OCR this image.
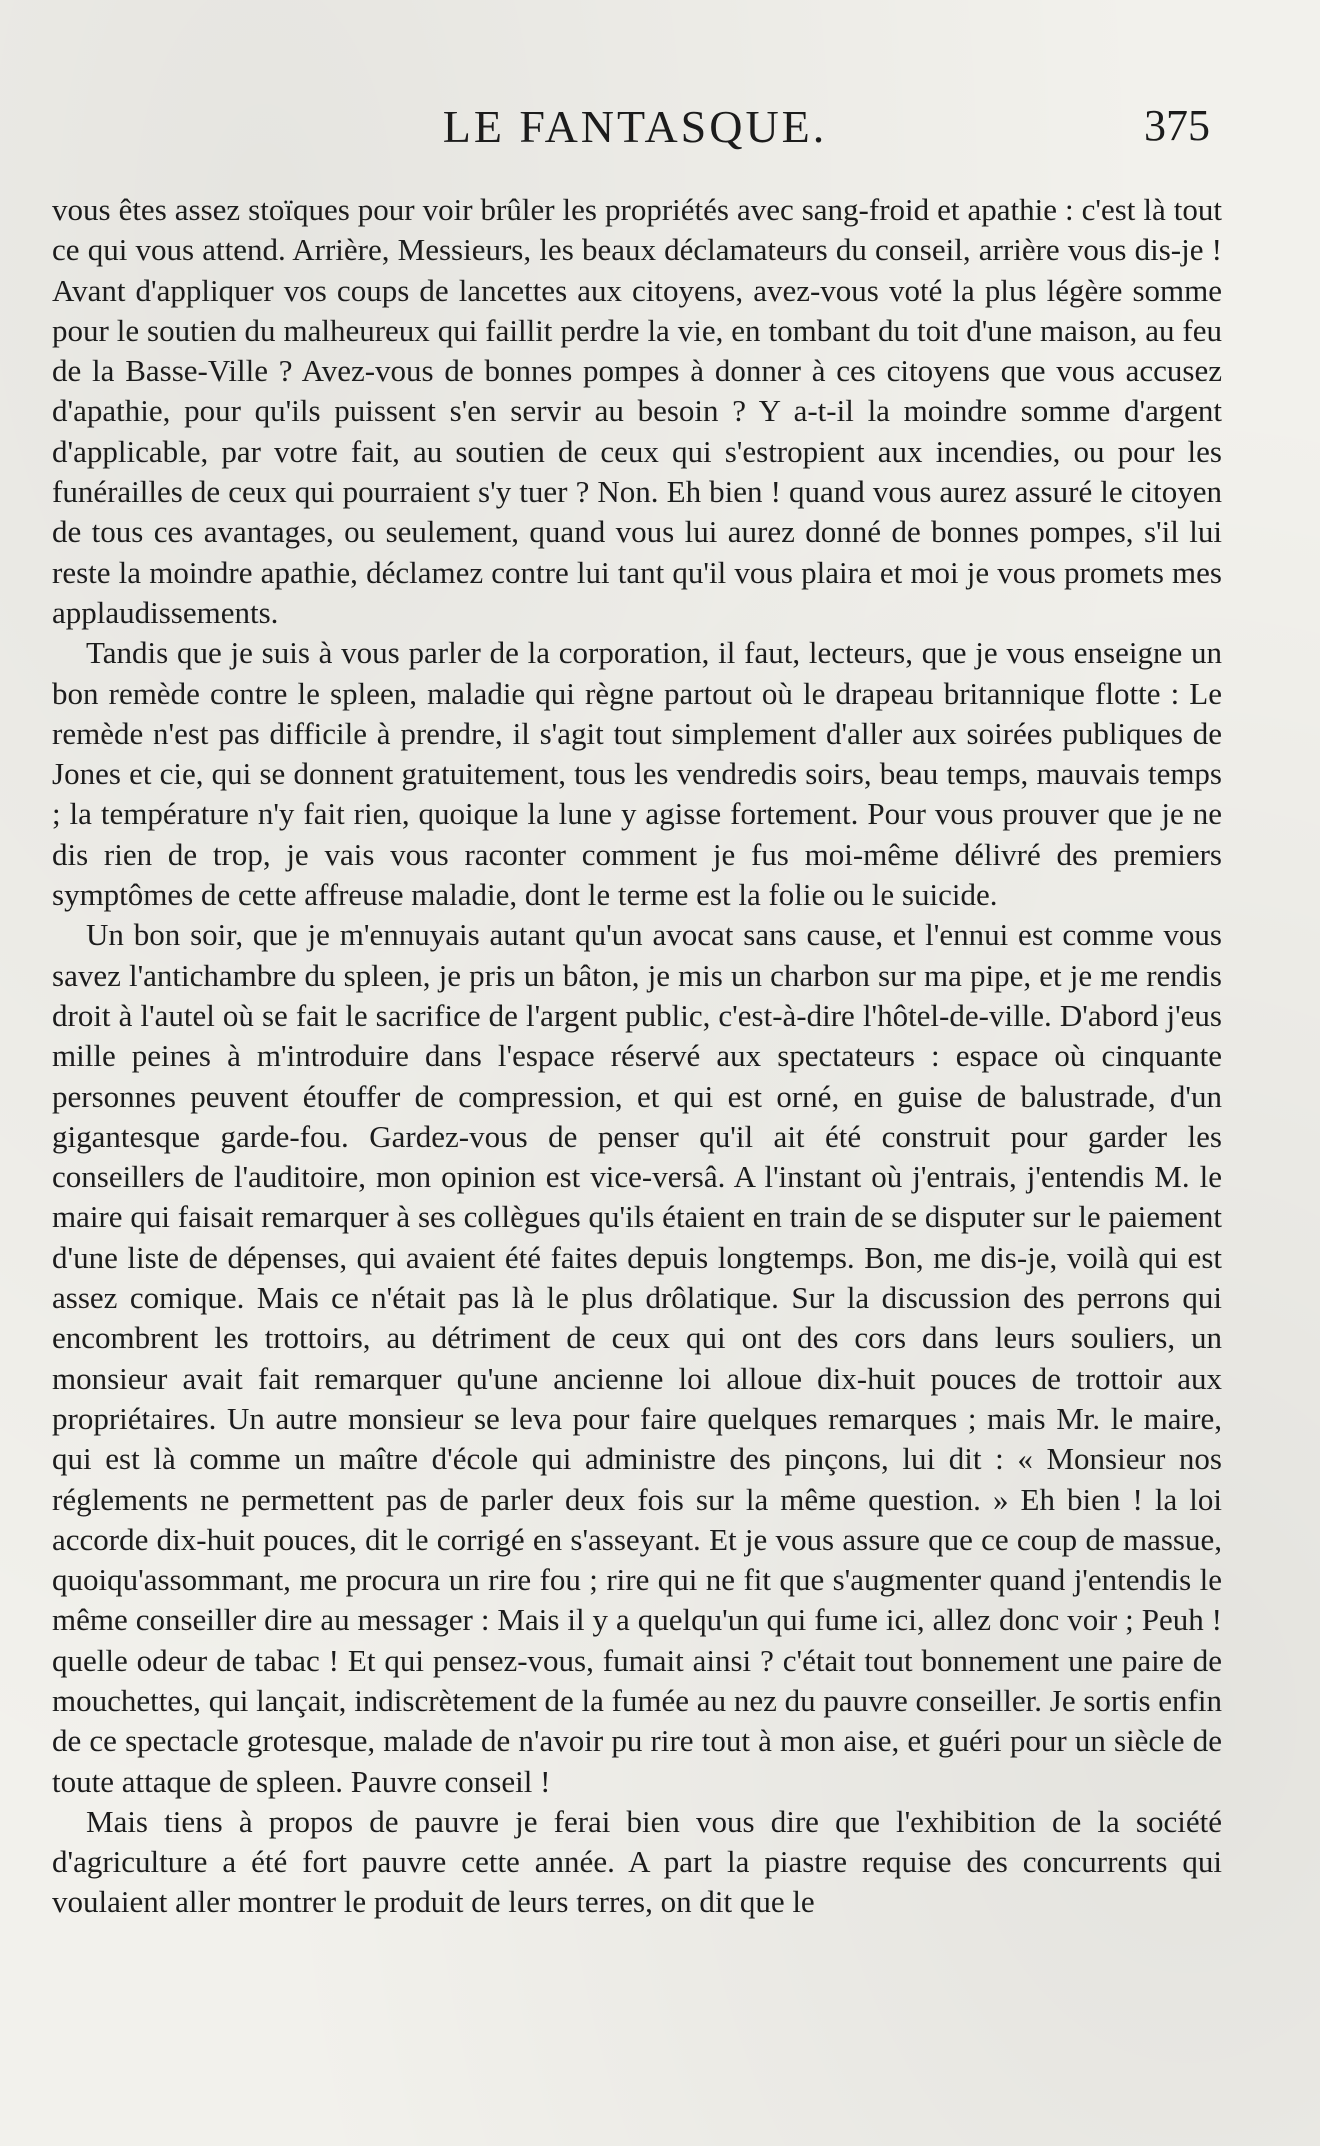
LE FANTASQUE.	375

vous êtes assez stoïques pour voir brûler les propriétés avec sang-froid et apathie : c'est là tout ce qui vous attend. Arrière, Messieurs, les beaux déclamateurs du conseil, arrière vous dis-je ! Avant d'appliquer vos coups de lancettes aux citoyens, avez-vous voté la plus légère somme pour le soutien du malheureux qui faillit perdre la vie, en tombant du toit d'une maison, au feu de la Basse-Ville ? Avez-vous de bonnes pompes à donner à ces citoyens que vous accusez d'apathie, pour qu'ils puissent s'en servir au besoin ? Y a-t-il la moindre somme d'argent d'applicable, par votre fait, au soutien de ceux qui s'estropient aux incendies, ou pour les funérailles de ceux qui pourraient s'y tuer ? Non. Eh bien ! quand vous aurez assuré le citoyen de tous ces avantages, ou seulement, quand vous lui aurez donné de bonnes pompes, s'il lui reste la moindre apathie, déclamez contre lui tant qu'il vous plaira et moi je vous promets mes applaudissements.

Tandis que je suis à vous parler de la corporation, il faut, lecteurs, que je vous enseigne un bon remède contre le spleen, maladie qui règne partout où le drapeau britannique flotte : Le remède n'est pas difficile à prendre, il s'agit tout simplement d'aller aux soirées publiques de Jones et cie, qui se donnent gratuitement, tous les vendredis soirs, beau temps, mauvais temps ; la température n'y fait rien, quoique la lune y agisse fortement. Pour vous prouver que je ne dis rien de trop, je vais vous raconter comment je fus moi-même délivré des premiers symptômes de cette affreuse maladie, dont le terme est la folie ou le suicide.

Un bon soir, que je m'ennuyais autant qu'un avocat sans cause, et l'ennui est comme vous savez l'antichambre du spleen, je pris un bâton, je mis un charbon sur ma pipe, et je me rendis droit à l'autel où se fait le sacrifice de l'argent public, c'est-à-dire l'hôtel-de-ville. D'abord j'eus mille peines à m'introduire dans l'espace réservé aux spectateurs : espace où cinquante personnes peuvent étouffer de compression, et qui est orné, en guise de balustrade, d'un gigantesque garde-fou. Gardez-vous de penser qu'il ait été construit pour garder les conseillers de l'auditoire, mon opinion est vice-versâ. A l'instant où j'entrais, j'entendis M. le maire qui faisait remarquer à ses collègues qu'ils étaient en train de se disputer sur le paiement d'une liste de dépenses, qui avaient été faites depuis longtemps. Bon, me dis-je, voilà qui est assez comique. Mais ce n'était pas là le plus drôlatique. Sur la discussion des perrons qui encombrent les trottoirs, au détriment de ceux qui ont des cors dans leurs souliers, un monsieur avait fait remarquer qu'une ancienne loi alloue dix-huit pouces de trottoir aux propriétaires. Un autre monsieur se leva pour faire quelques remarques ; mais Mr. le maire, qui est là comme un maître d'école qui administre des pinçons, lui dit : « Monsieur nos réglements ne permettent pas de parler deux fois sur la même question. » Eh bien ! la loi accorde dix-huit pouces, dit le corrigé en s'asseyant. Et je vous assure que ce coup de massue, quoiqu'assommant, me procura un rire fou ; rire qui ne fit que s'augmenter quand j'entendis le même conseiller dire au messager : Mais il y a quelqu'un qui fume ici, allez donc voir ; Peuh ! quelle odeur de tabac ! Et qui pensez-vous, fumait ainsi ? c'était tout bonnement une paire de mouchettes, qui lançait, indiscrètement de la fumée au nez du pauvre conseiller. Je sortis enfin de ce spectacle grotesque, malade de n'avoir pu rire tout à mon aise, et guéri pour un siècle de toute attaque de spleen. Pauvre conseil !

Mais tiens à propos de pauvre je ferai bien vous dire que l'exhibition de la société d'agriculture a été fort pauvre cette année. A part la piastre requise des concurrents qui voulaient aller montrer le produit de leurs terres, on dit que le
